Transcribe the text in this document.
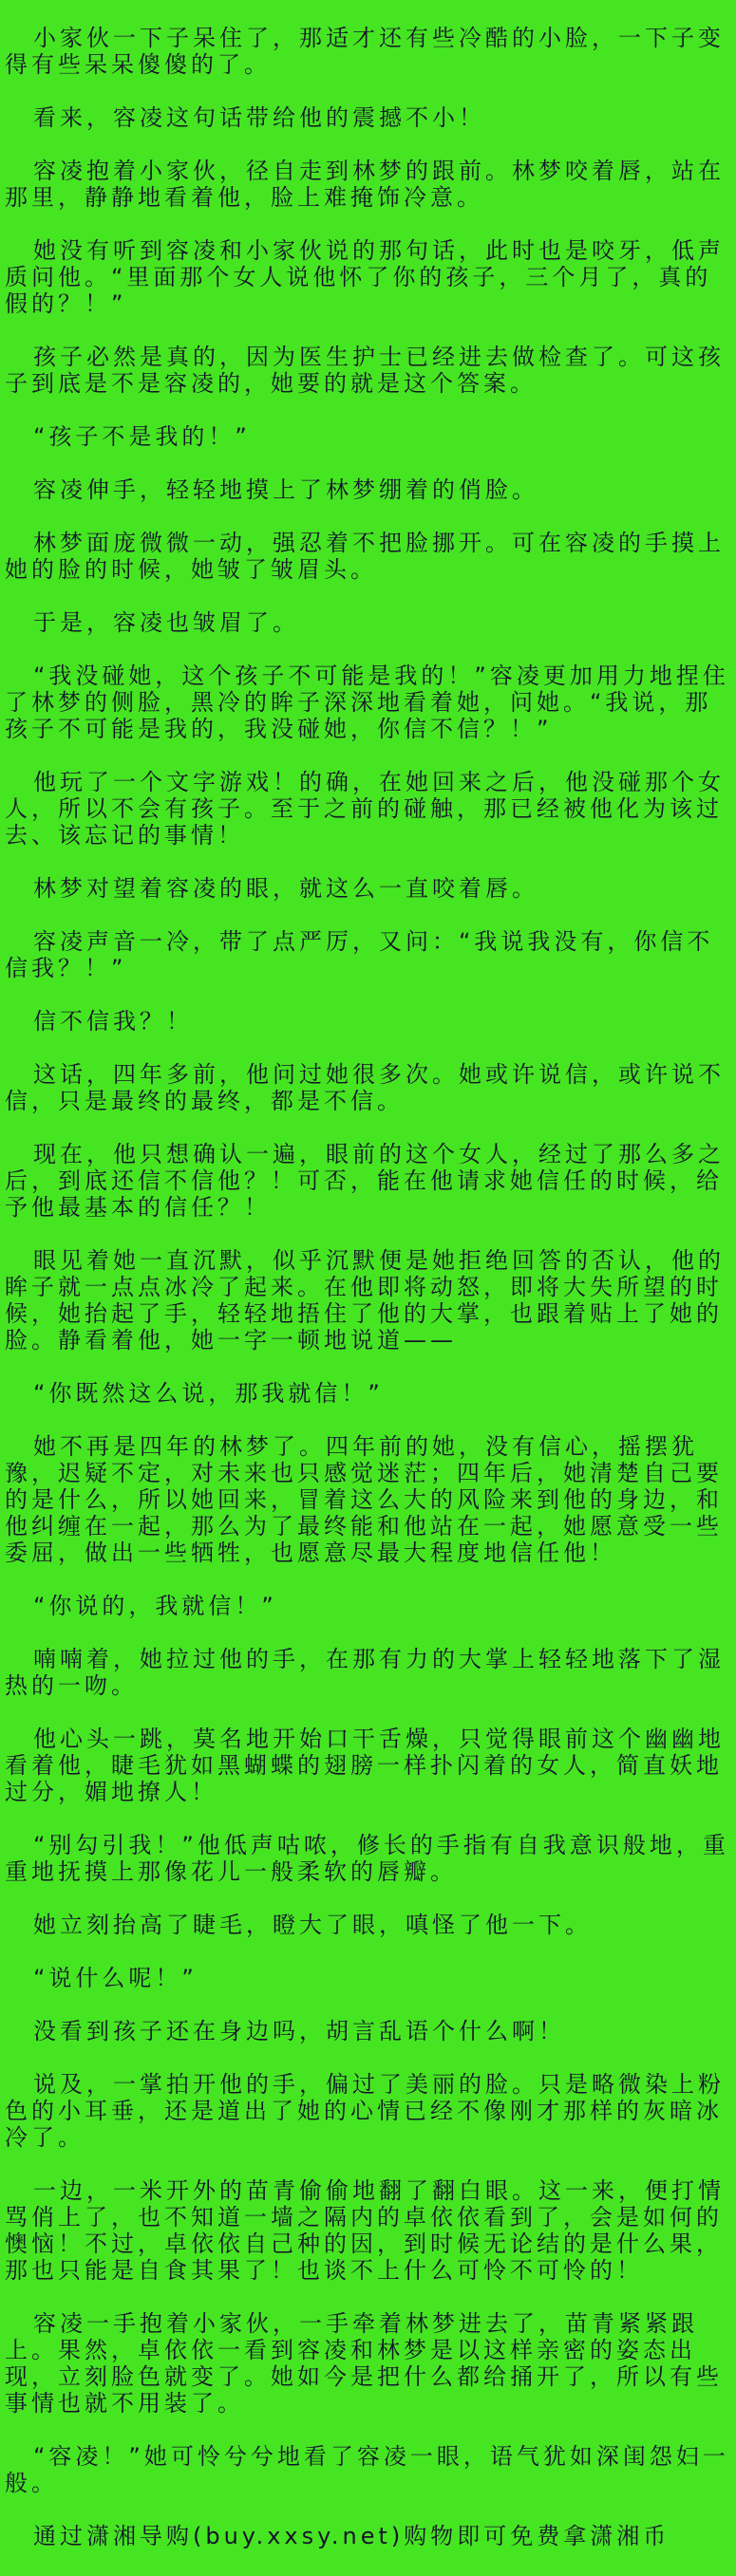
小家伙一下子呆住了，那适才还有些冷酷的小脸，一下子变得有些呆呆傻傻的了。

看来，容凌这句话带给他的震撼不小！

容凌抱着小家伙，径自走到林梦的跟前。林梦咬着唇，站在那里，静静地看着他，脸上难掩饰冷意。

她没有听到容凌和小家伙说的那句话，此时也是咬牙，低声质问他。“里面那个女人说他怀了你的孩子，三个月了，真的假的？！”

孩子必然是真的，因为医生护士已经进去做检查了。可这孩子到底是不是容凌的，她要的就是这个答案。

“孩子不是我的！”

容凌伸手，轻轻地摸上了林梦绷着的俏脸。

林梦面庞微微一动，强忍着不把脸挪开。可在容凌的手摸上她的脸的时候，她皱了皱眉头。

于是，容凌也皱眉了。

“我没碰她，这个孩子不可能是我的！”容凌更加用力地捏住了林梦的侧脸，黑冷的眸子深深地看着她，问她。“我说，那孩子不可能是我的，我没碰她，你信不信？！”

他玩了一个文字游戏！的确，在她回来之后，他没碰那个女人，所以不会有孩子。至于之前的碰触，那已经被他化为该过去、该忘记的事情！

林梦对望着容凌的眼，就这么一直咬着唇。

容凌声音一冷，带了点严厉，又问：“我说我没有，你信不信我？！”

信不信我？！

这话，四年多前，他问过她很多次。她或许说信，或许说不信，只是最终的最终，都是不信。

现在，他只想确认一遍，眼前的这个女人，经过了那么多之后，到底还信不信他？！可否，能在他请求她信任的时候，给予他最基本的信任？！

眼见着她一直沉默，似乎沉默便是她拒绝回答的否认，他的眸子就一点点冰冷了起来。在他即将动怒，即将大失所望的时候，她抬起了手，轻轻地捂住了他的大掌，也跟着贴上了她的脸。静看着他，她一字一顿地说道——

“你既然这么说，那我就信！”

她不再是四年的林梦了。四年前的她，没有信心，摇摆犹豫，迟疑不定，对未来也只感觉迷茫；四年后，她清楚自己要的是什么，所以她回来，冒着这么大的风险来到他的身边，和他纠缠在一起，那么为了最终能和他站在一起，她愿意受一些委屈，做出一些牺牲，也愿意尽最大程度地信任他！

“你说的，我就信！”

喃喃着，她拉过他的手，在那有力的大掌上轻轻地落下了湿热的一吻。

他心头一跳，莫名地开始口干舌燥，只觉得眼前这个幽幽地看着他，睫毛犹如黑蝴蝶的翅膀一样扑闪着的女人，简直妖地过分，媚地撩人！

“别勾引我！”他低声咕哝，修长的手指有自我意识般地，重重地抚摸上那像花儿一般柔软的唇瓣。

她立刻抬高了睫毛，瞪大了眼，嗔怪了他一下。

“说什么呢！”

没看到孩子还在身边吗，胡言乱语个什么啊！

说及，一掌拍开他的手，偏过了美丽的脸。只是略微染上粉色的小耳垂，还是道出了她的心情已经不像刚才那样的灰暗冰冷了。

一边，一米开外的苗青偷偷地翻了翻白眼。这一来，便打情骂俏上了，也不知道一墙之隔内的卓依依看到了，会是如何的懊恼！不过，卓依依自己种的因，到时候无论结的是什么果，那也只能是自食其果了！也谈不上什么可怜不可怜的！

容凌一手抱着小家伙，一手牵着林梦进去了，苗青紧紧跟上。果然，卓依依一看到容凌和林梦是以这样亲密的姿态出现，立刻脸色就变了。她如今是把什么都给捅开了，所以有些事情也就不用装了。

“容凌！”她可怜兮兮地看了容凌一眼，语气犹如深闺怨妇一般。

通过潇湘导购(buy.xxsy.net)购物即可免费拿潇湘币
